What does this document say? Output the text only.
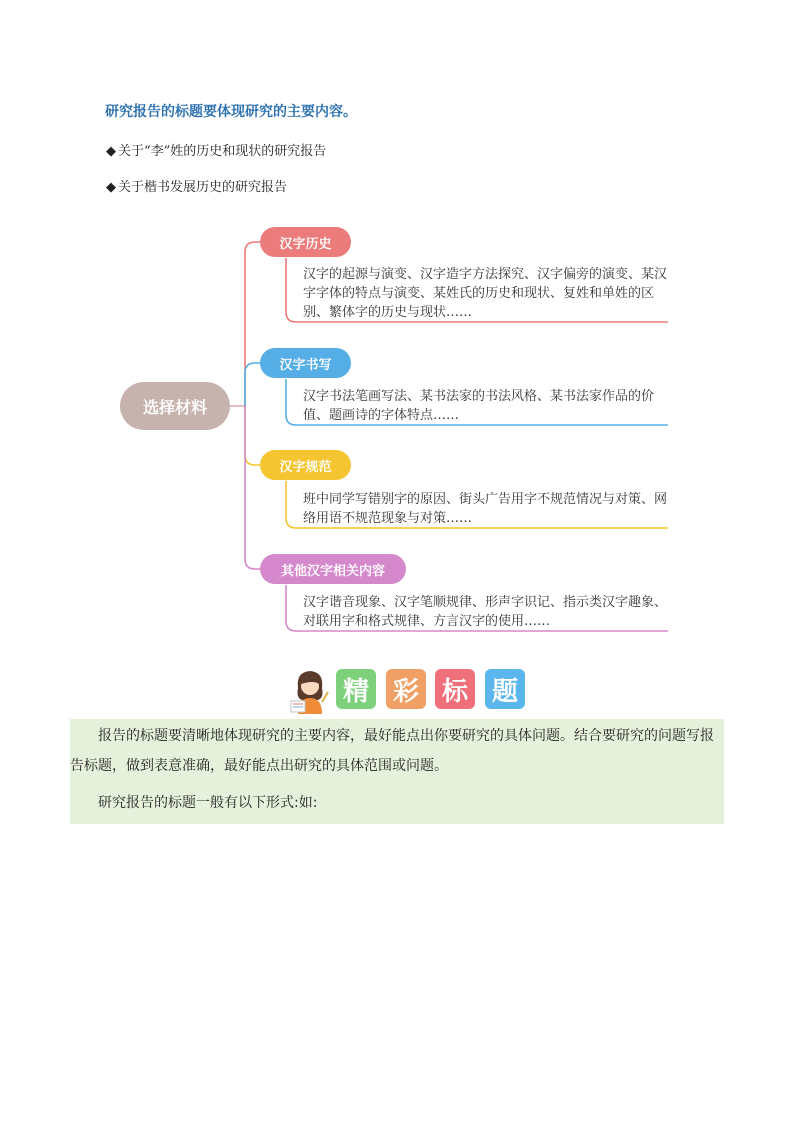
研究报告的标题要体现研究的主要内容。
◆ 关于“李”姓的历史和现状的研究报告
◆ 关于楷书发展历史的研究报告
选择材料
汉字历史
汉字的起源与演变、汉字造字方法探究、汉字偏旁的演变、某汉字字体的特点与演变、某姓氏的历史和现状、复姓和单姓的区别、繁体字的历史与现状……
汉字书写
汉字书法笔画写法、某书法家的书法风格、某书法家作品的价值、题画诗的字体特点……
汉字规范
班中同学写错别字的原因、街头广告用字不规范情况与对策、网络用语不规范现象与对策……
其他汉字相关内容
汉字谐音现象、汉字笔顺规律、形声字识记、指示类汉字趣象、对联用字和格式规律、方言汉字的使用……
精 彩 标 题
报告的标题要清晰地体现研究的主要内容，最好能点出你要研究的具体问题。结合要研究的问题写报告标题，做到表意准确，最好能点出研究的具体范围或问题。
研究报告的标题一般有以下形式:如:
